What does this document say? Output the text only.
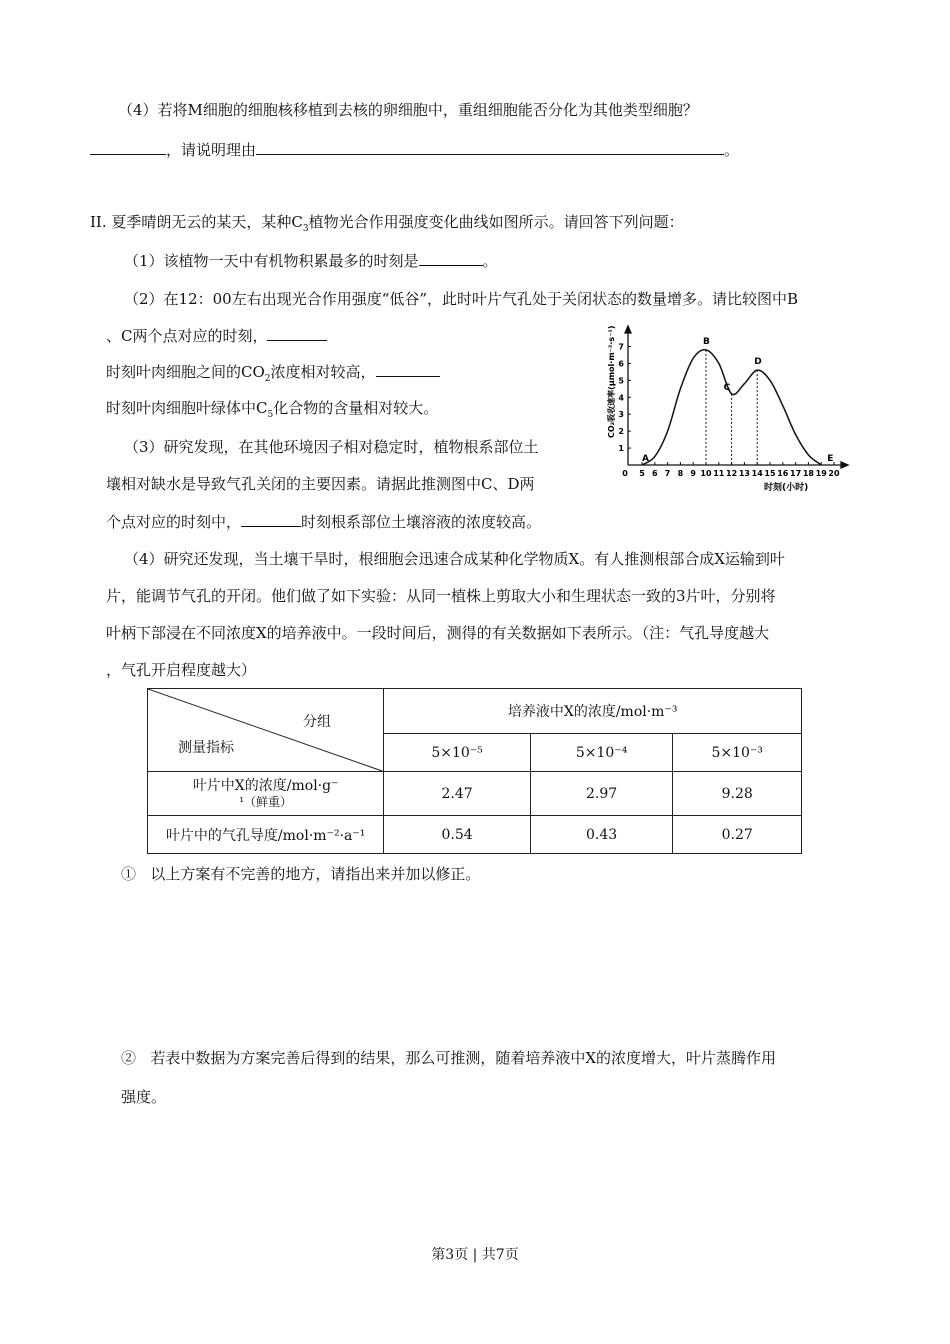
（4）若将M细胞的细胞核移植到去核的卵细胞中，重组细胞能否分化为其他类型细胞？
，请说明理由	。
II. 夏季晴朗无云的某天，某种$C_3$植物光合作用强度变化曲线如图所示。请回答下列问题：
（1）该植物一天中有机物积累最多的时刻是	。
（2）在12：00左右出现光合作用强度“低谷”，此时叶片气孔处于关闭状态的数量增多。请比较图中B
、C两个点对应的时刻，
时刻叶肉细胞之间的$CO_2$浓度相对较高，
时刻叶肉细胞叶绿体中$C_5$化合物的含量相对较大。
（3）研究发现，在其他环境因子相对稳定时，植物根系部位土
壤相对缺水是导致气孔关闭的主要因素。请据此推测图中C、D两
个点对应的时刻中，	时刻根系部位土壤溶液的浓度较高。
（4）研究还发现，当土壤干旱时，根细胞会迅速合成某种化学物质X。有人推测根部合成X运输到叶
片，能调节气孔的开闭。他们做了如下实验：从同一植株上剪取大小和生理状态一致的3片叶，分别将
叶柄下部浸在不同浓度X的培养液中。一段时间后，测得的有关数据如下表所示。（注：气孔导度越大
，气孔开启程度越大）
CO₂吸收速率(μmol·m⁻²·s⁻¹)
时刻(小时)
1
2
3
4
5
6
7
0 5 6 7 8 9 10 11 12 13 14 15 16 17 18 19 20
A
B
C
D
E
分组
测量指标	培养液中X的浓度/mol·m⁻³		
	5×10⁻⁵	5×10⁻⁴	5×10⁻³
叶片中X的浓度/mol·g⁻
¹（鲜重）	2.47	2.97	9.28
叶片中的气孔导度/mol·m⁻²·a⁻¹	0.54	0.43	0.27
① 以上方案有不完善的地方，请指出来并加以修正。
② 若表中数据为方案完善后得到的结果，那么可推测，随着培养液中X的浓度增大，叶片蒸腾作用
强度。
第3页 | 共7页
